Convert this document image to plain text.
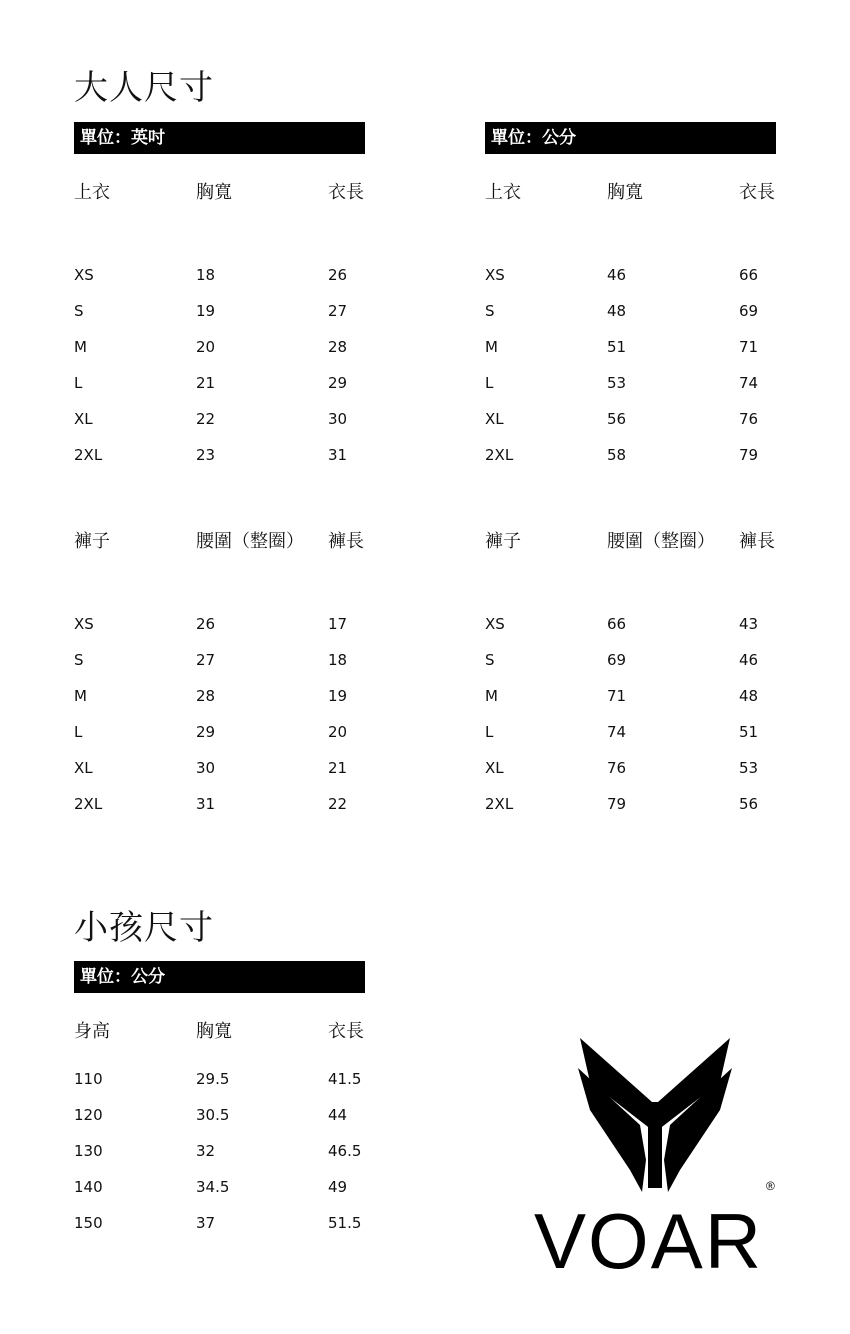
大人尺寸
單位：英吋	單位：公分
上衣	胸寬	衣長
XS	18	26
S	19	27
M	20	28
L	21	29
XL	22	30
2XL	23	31
上衣	胸寬	衣長
XS	46	66
S	48	69
M	51	71
L	53	74
XL	56	76
2XL	58	79
褲子	腰圍（整圈） 褲長
XS	26	17
S	27	18
M	28	19
L	29	20
XL	30	21
2XL	31	22
褲子	腰圍（整圈） 褲長
XS	66	43
S	69	46
M	71	48
L	74	51
XL	76	53
2XL	79	56
小孩尺寸
單位：公分
身高	胸寬	衣長
110	29.5	41.5
120	30.5	44
130	32	46.5
140	34.5	49
150	37	51.5 VOAR
®
